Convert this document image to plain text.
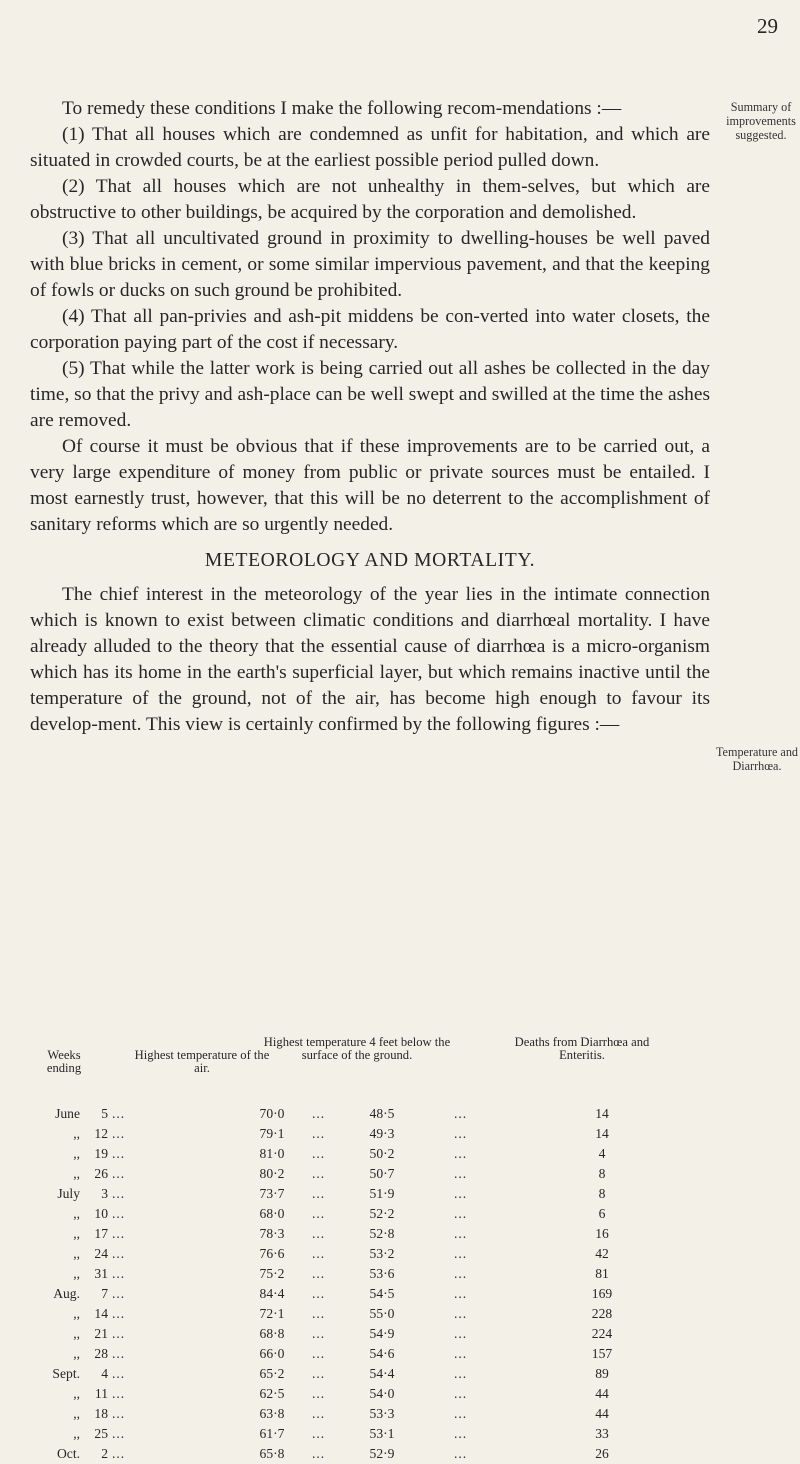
29
Summary of improvements suggested.
Temperature and Diarrhœa.

To remedy these conditions I make the following recom-mendations :—

(1) That all houses which are condemned as unfit for habitation, and which are situated in crowded courts, be at the earliest possible period pulled down.

(2) That all houses which are not unhealthy in them-selves, but which are obstructive to other buildings, be acquired by the corporation and demolished.

(3) That all uncultivated ground in proximity to dwelling-houses be well paved with blue bricks in cement, or some similar impervious pavement, and that the keeping of fowls or ducks on such ground be prohibited.

(4) That all pan-privies and ash-pit middens be con-verted into water closets, the corporation paying part of the cost if necessary.

(5) That while the latter work is being carried out all ashes be collected in the day time, so that the privy and ash-place can be well swept and swilled at the time the ashes are removed.

Of course it must be obvious that if these improvements are to be carried out, a very large expenditure of money from public or private sources must be entailed. I most earnestly trust, however, that this will be no deterrent to the accomplishment of sanitary reforms which are so urgently needed.

METEOROLOGY AND MORTALITY.

The chief interest in the meteorology of the year lies in the intimate connection which is known to exist between climatic conditions and diarrhœal mortality. I have already alluded to the theory that the essential cause of diarrhœa is a micro-organism which has its home in the earth's superficial layer, but which remains inactive until the temperature of the ground, not of the air, has become high enough to favour its develop-ment. This view is certainly confirmed by the following figures :—

Weeks ending
Highest temperature of the air.
Highest temperature 4 feet below the surface of the ground.
Deaths from Diarrhœa and Enteritis.
June	5 ...	70·0	...	48·5	...	14
,,	12 ...	79·1	...	49·3	...	14
,,	19 ...	81·0	...	50·2	...	4
,,	26 ...	80·2	...	50·7	...	8
July	3 ...	73·7	...	51·9	...	8
,,	10 ...	68·0	...	52·2	...	6
,,	17 ...	78·3	...	52·8	...	16
,,	24 ...	76·6	...	53·2	...	42
,,	31 ...	75·2	...	53·6	...	81
Aug.	7 ...	84·4	...	54·5	...	169
,,	14 ...	72·1	...	55·0	...	228
,,	21 ...	68·8	...	54·9	...	224
,,	28 ...	66·0	...	54·6	...	157
Sept.	4 ...	65·2	...	54·4	...	89
,,	11 ...	62·5	...	54·0	...	44
,,	18 ...	63·8	...	53·3	...	44
,,	25 ...	61·7	...	53·1	...	33
Oct.	2 ...	65·8	...	52·9	...	26
